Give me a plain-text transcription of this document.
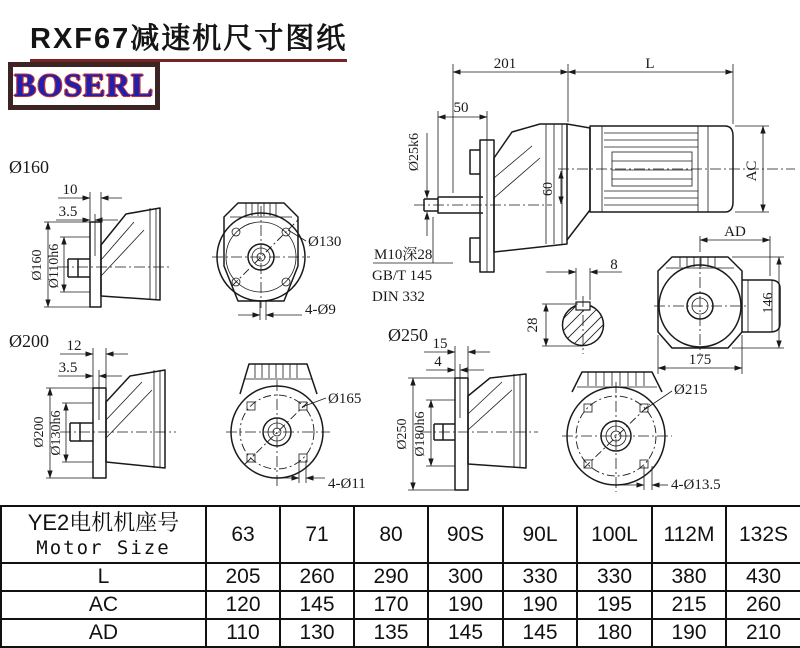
RXF67减速机尺寸图纸
BOSERL
201	L
50
Ø25k6
60
AC
M10深28
GB/T 145
DIN 332
8
28
Ø160
10
3.5
Ø160 Ø110h6
Ø130
4-Ø9
Ø200 12
3.5
Ø200 Ø130h6
Ø165
4-Ø11
Ø250 15
4
Ø250 Ø180h6
Ø215
4-Ø13.5
AD
146
175
YE2电机机座号
Motor Size	63	71	80	90S	90L	100L	112M	132S
L	205	260	290	300	330	330	380	430
AC	120	145	170	190	190	195	215	260
AD	110	130	135	145	145	180	190	210
